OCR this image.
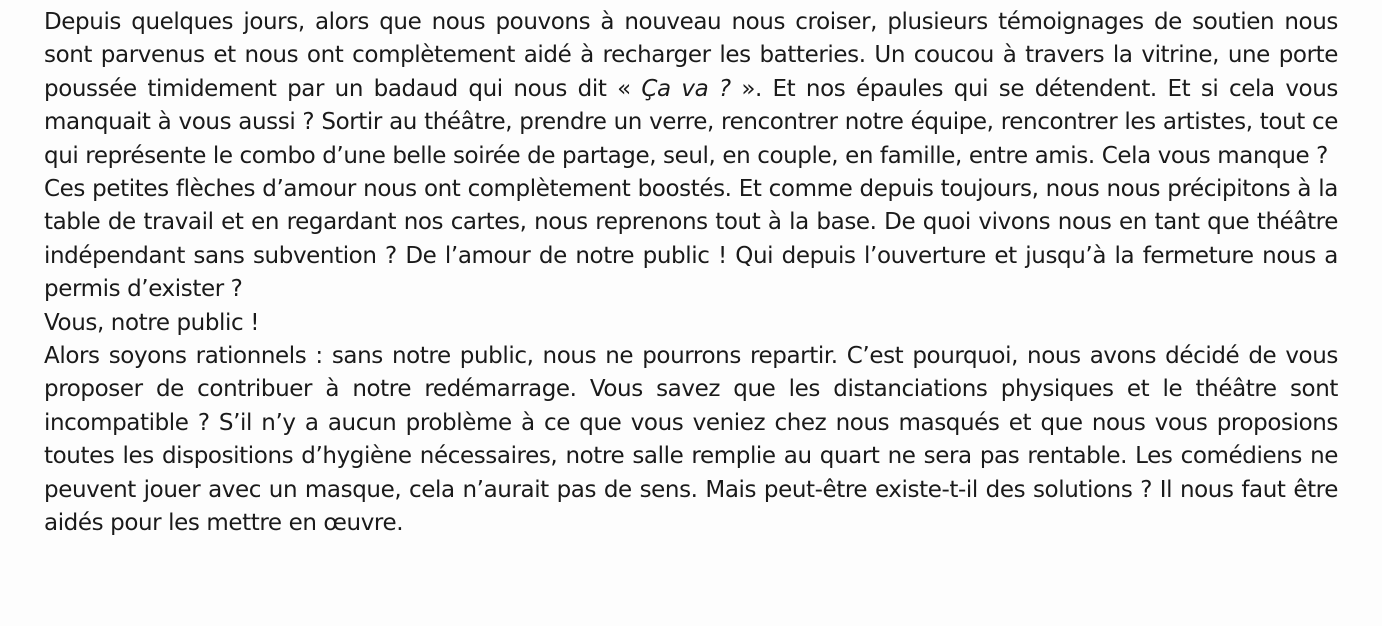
Depuis quelques jours, alors que nous pouvons à nouveau nous croiser, plusieurs témoignages de soutien nous sont parvenus et nous ont complètement aidé à recharger les batteries. Un coucou à travers la vitrine, une porte poussée timidement par un badaud qui nous dit « Ça va ? ». Et nos épaules qui se détendent. Et si cela vous manquait à vous aussi ? Sortir au théâtre, prendre un verre, rencontrer notre équipe, rencontrer les artistes, tout ce qui représente le combo d’une belle soirée de partage, seul, en couple, en famille, entre amis. Cela vous manque ?

Ces petites flèches d’amour nous ont complètement boostés. Et comme depuis toujours, nous nous précipitons à la table de travail et en regardant nos cartes, nous reprenons tout à la base. De quoi vivons nous en tant que théâtre indépendant sans subvention ? De l’amour de notre public ! Qui depuis l’ouverture et jusqu’à la fermeture nous a permis d’exister ?

Vous, notre public !

Alors soyons rationnels : sans notre public, nous ne pourrons repartir. C’est pourquoi, nous avons décidé de vous proposer de contribuer à notre redémarrage. Vous savez que les distanciations physiques et le théâtre sont incompatible ? S’il n’y a aucun problème à ce que vous veniez chez nous masqués et que nous vous proposions toutes les dispositions d’hygiène nécessaires, notre salle remplie au quart ne sera pas rentable. Les comédiens ne peuvent jouer avec un masque, cela n’aurait pas de sens. Mais peut-être existe-t-il des solutions ? Il nous faut être aidés pour les mettre en œuvre.
